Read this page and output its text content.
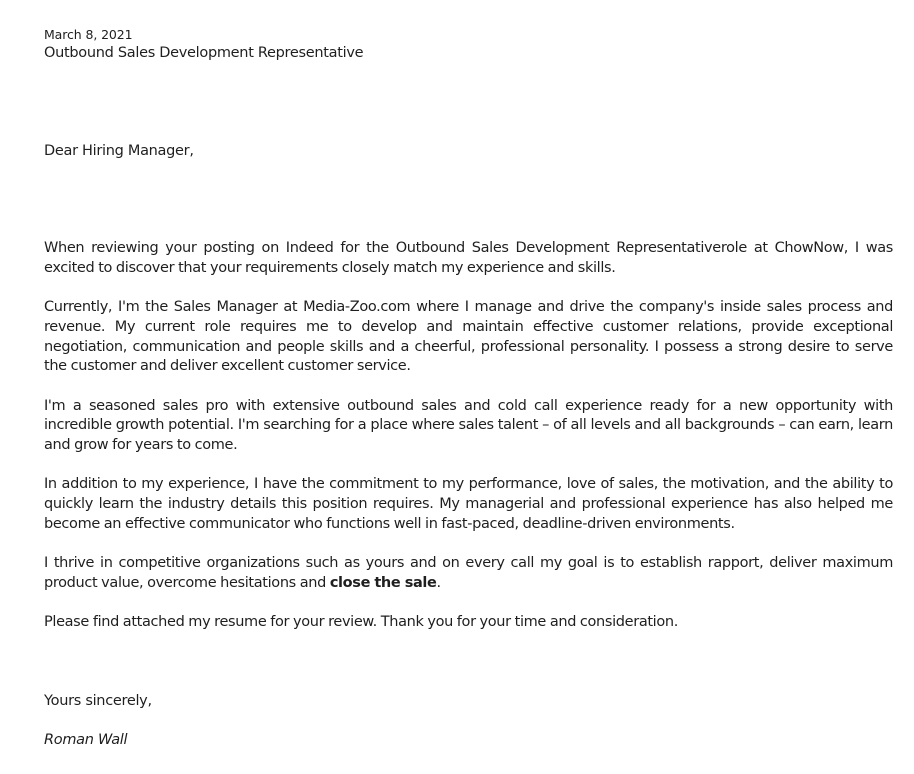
March 8, 2021

Outbound Sales Development Representative

Dear Hiring Manager,

When reviewing your posting on Indeed for the Outbound Sales Development Representativerole at ChowNow, I was excited to discover that your requirements closely match my experience and skills.

Currently, I'm the Sales Manager at Media-Zoo.com where I manage and drive the company's inside sales process and revenue. My current role requires me to develop and maintain effective customer relations, provide exceptional negotiation, communication and people skills and a cheerful, professional personality. I possess a strong desire to serve the customer and deliver excellent customer service.

I'm a seasoned sales pro with extensive outbound sales and cold call experience ready for a new opportunity with incredible growth potential. I'm searching for a place where sales talent – of all levels and all backgrounds – can earn, learn and grow for years to come.

In addition to my experience, I have the commitment to my performance, love of sales, the motivation, and the ability to quickly learn the industry details this position requires. My managerial and professional experience has also helped me become an effective communicator who functions well in fast-paced, deadline-driven environments.

I thrive in competitive organizations such as yours and on every call my goal is to establish rapport, deliver maximum product value, overcome hesitations and close the sale.

Please find attached my resume for your review. Thank you for your time and consideration.

Yours sincerely,

Roman Wall
